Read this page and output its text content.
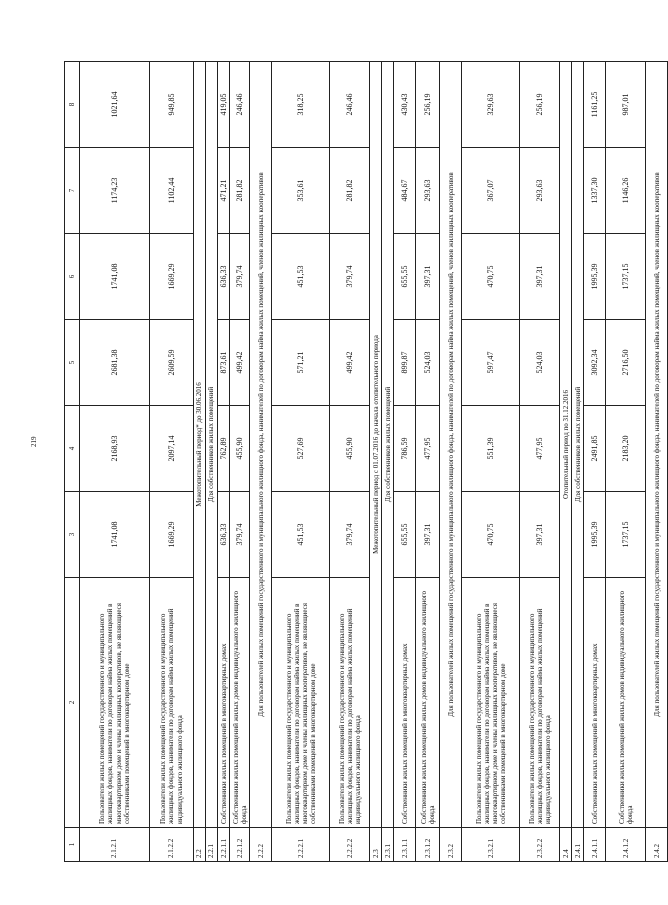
219
1	2	3	4	5	6	7	8
2.1.2.1	Пользователи жилых помещений государственного и муниципального жилищных фондов, наниматели по договорам найма жилых помещений в многоквартирном доме и члены жилищных кооперативов, не являющиеся собственниками помещений в многоквартирном доме	1741,08	2168,93	2681,38	1741,08	1174,23	1021,64
2.1.2.2	Пользователи жилых помещений государственного и муниципального жилищных фондов, наниматели по договорам найма жилых помещений индивидуального жилищного фонда	1669,29	2097,14	2609,59	1669,29	1102,44	949,85
2.2	Межотопительный период* до 30.06.2016						
2.2.1	Для собственников жилых помещений						
2.2.1.1	Собственники жилых помещений в многоквартирных домах	636,33	762,89	873,61	636,33	471,21	419,05
2.2.1.2	Собственники жилых помещений жилых домов индивидуального жилищного фонда	379,74	455,90	499,42	379,74	281,82	246,46
2.2.2	Для пользователей жилых помещений государственного и муниципального жилищного фонда, нанимателей по договорам найма жилых помещений, членов жилищных кооперативов						
2.2.2.1	Пользователи жилых помещений государственного и муниципального жилищных фондов, наниматели по договорам найма жилых помещений в многоквартирном доме и члены жилищных кооперативов, не являющиеся собственниками помещений в многоквартирном доме	451,53	527,69	571,21	451,53	353,61	318,25
2.2.2.2	Пользователи жилых помещений государственного и муниципального жилищных фондов, наниматели по договорам найма жилых помещений индивидуального жилищного фонда	379,74	455,90	499,42	379,74	281,82	246,46
2.3	Межотопительный период с 01.07.2016 до начала отопительного периода						
2.3.1	Для собственников жилых помещений						
2.3.1.1	Собственники жилых помещений в многоквартирных домах	655,55	786,59	899,87	655,55	484,67	430,43
2.3.1.2	Собственники жилых помещений жилых домов индивидуального жилищного фонда	397,31	477,95	524,03	397,31	293,63	256,19
2.3.2	Для пользователей жилых помещений государственного и муниципального жилищного фонда, нанимателей по договорам найма жилых помещений, членов жилищных кооперативов						
2.3.2.1	Пользователи жилых помещений государственного и муниципального жилищных фондов, наниматели по договорам найма жилых помещений в многоквартирном доме и члены жилищных кооперативов, не являющиеся собственниками помещений в многоквартирном доме	470,75	551,39	597,47	470,75	367,07	329,63
2.3.2.2	Пользователи жилых помещений государственного и муниципального жилищных фондов, наниматели по договорам найма жилых помещений индивидуального жилищного фонда	397,31	477,95	524,03	397,31	293,63	256,19
2.4	Отопительный период по 31.12.2016						
2.4.1	Для собственников жилых помещений						
2.4.1.1	Собственники жилых помещений в многоквартирных домах	1995,39	2491,85	3092,34	1995,39	1337,30	1161,25
2.4.1.2	Собственники жилых помещений жилых домов индивидуального жилищного фонда	1737,15	2183,20	2716,50	1737,15	1146,26	987,01
2.4.2	Для пользователей жилых помещений государственного и муниципального жилищного фонда, нанимателей по договорам найма жилых помещений, членов жилищных кооперативов						
